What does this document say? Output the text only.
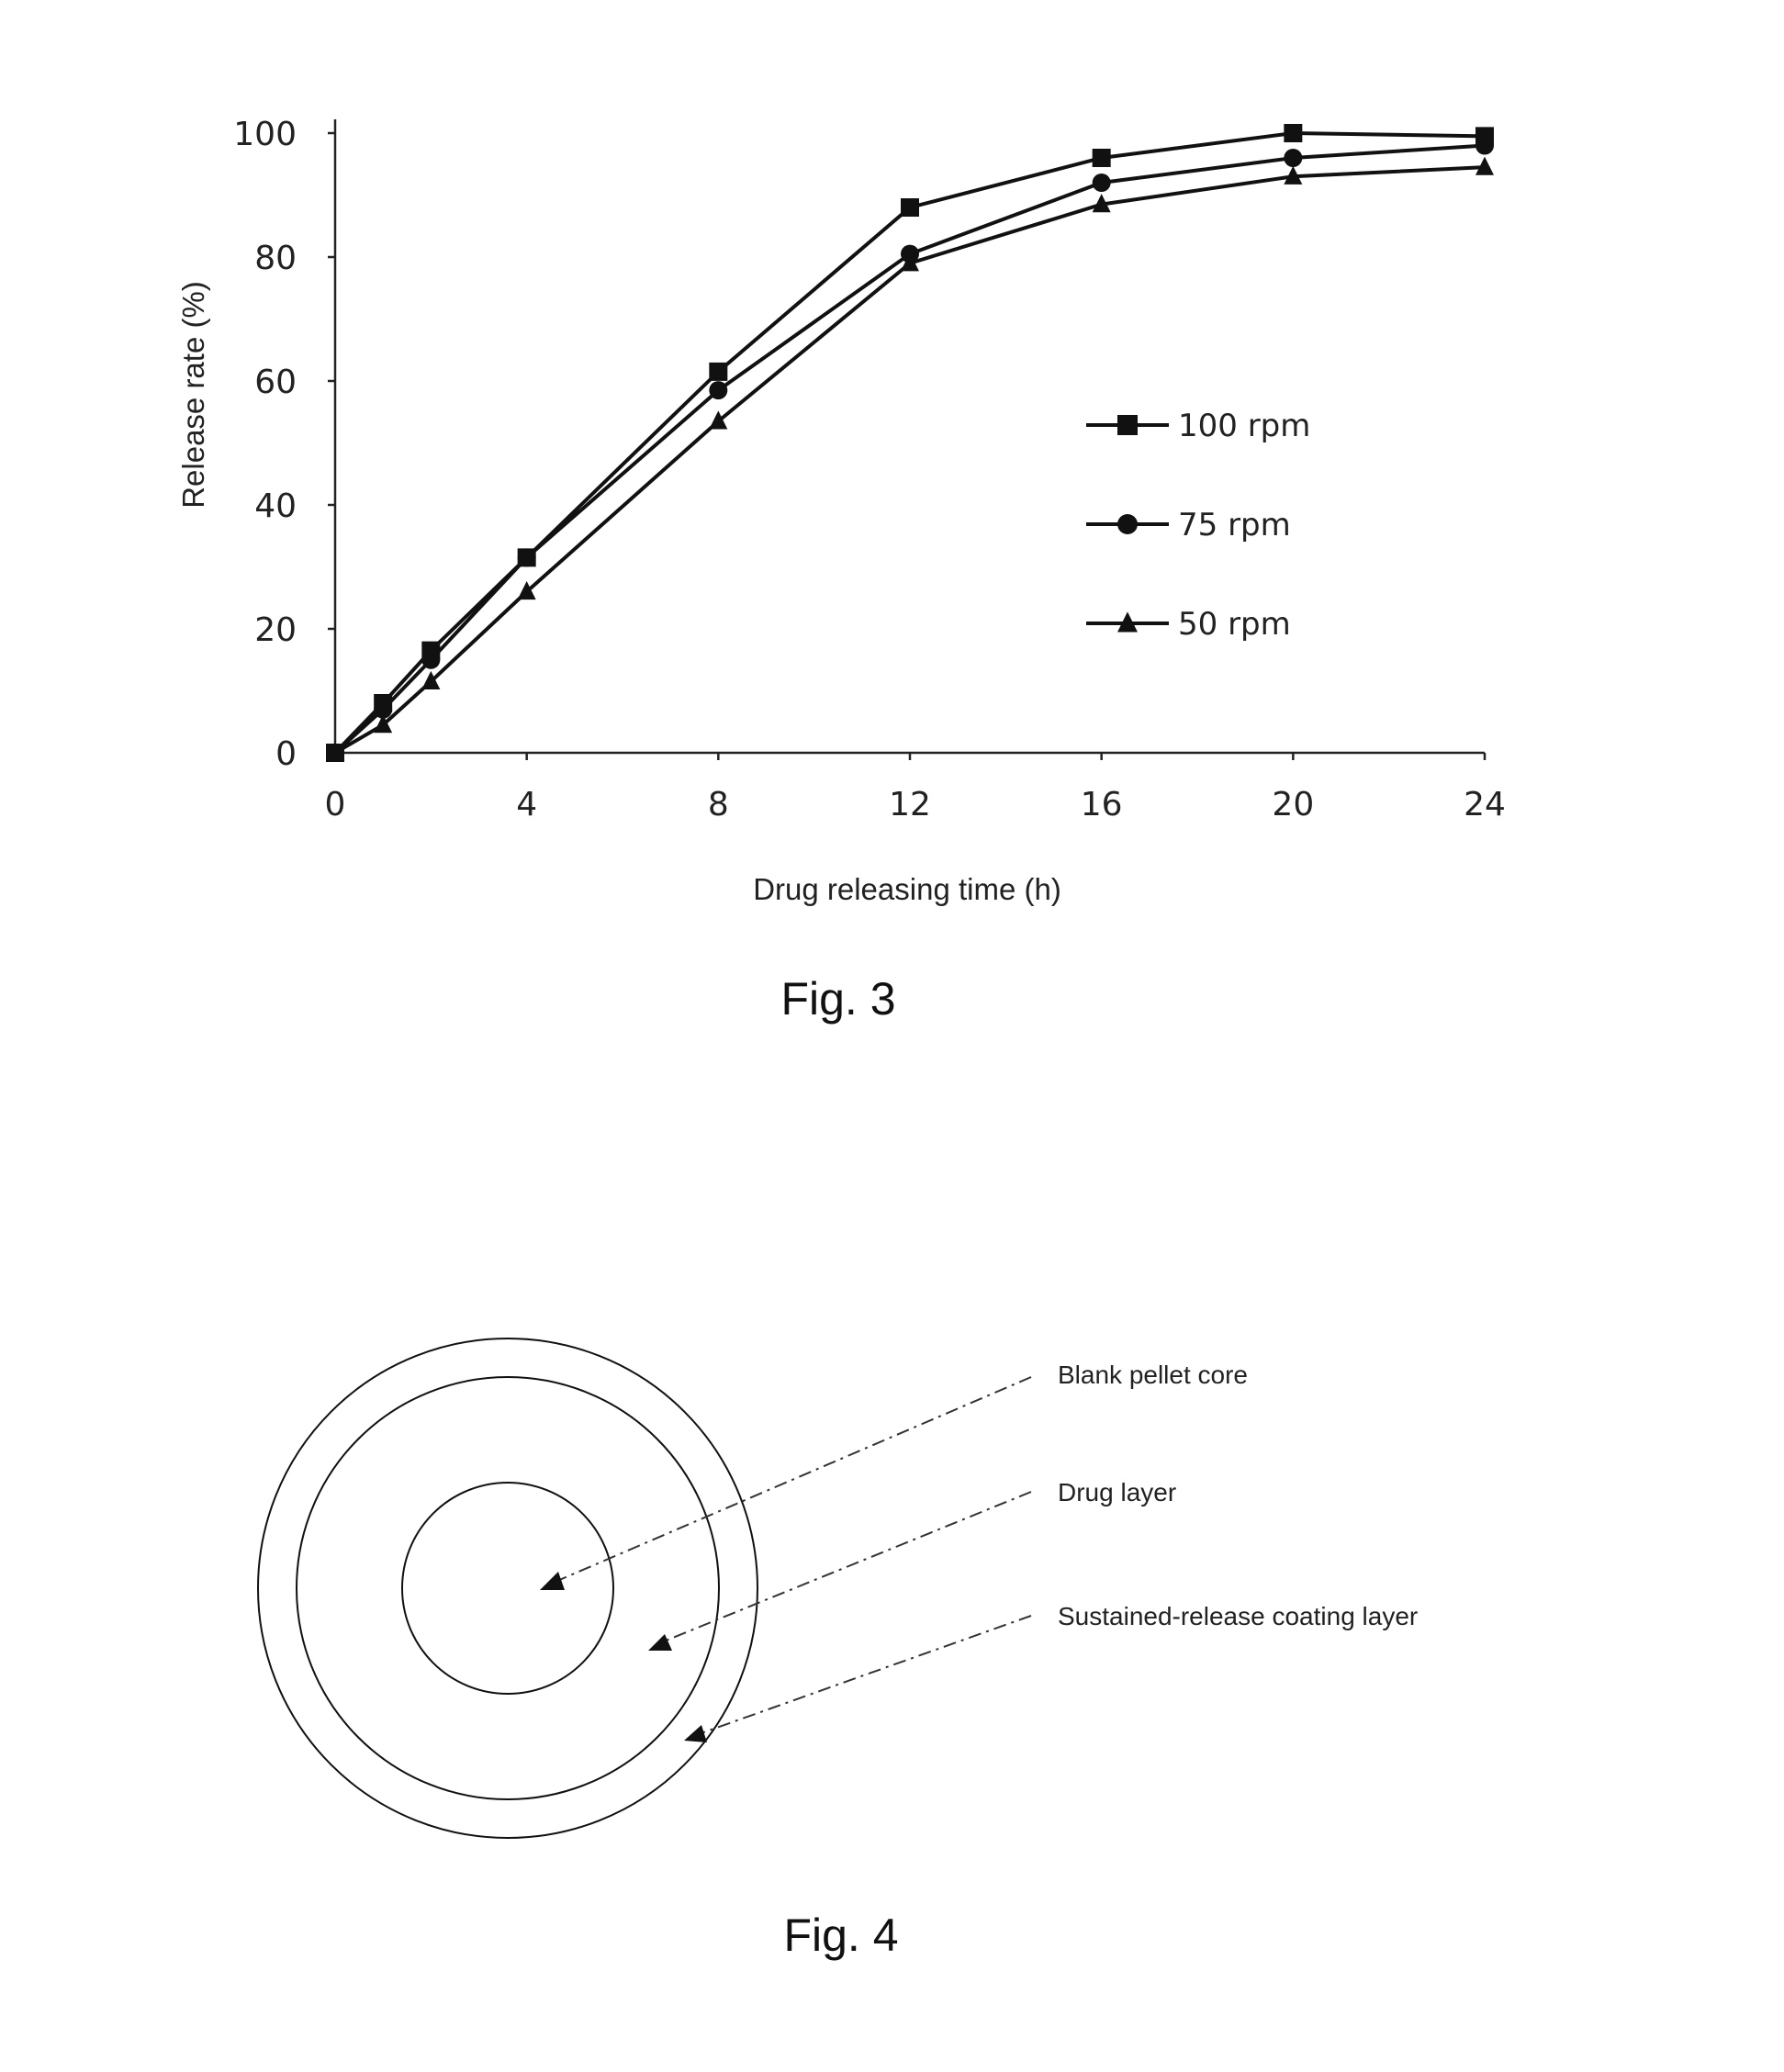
0	4	8	12	16	20	24
0
20
40
60
80
100
100 rpm
75 rpm
50 rpm
Drug releasing time (h)
Release rate (%)
Fig. 3
Blank pellet core
Drug layer
Sustained-release coating layer
Fig. 4
